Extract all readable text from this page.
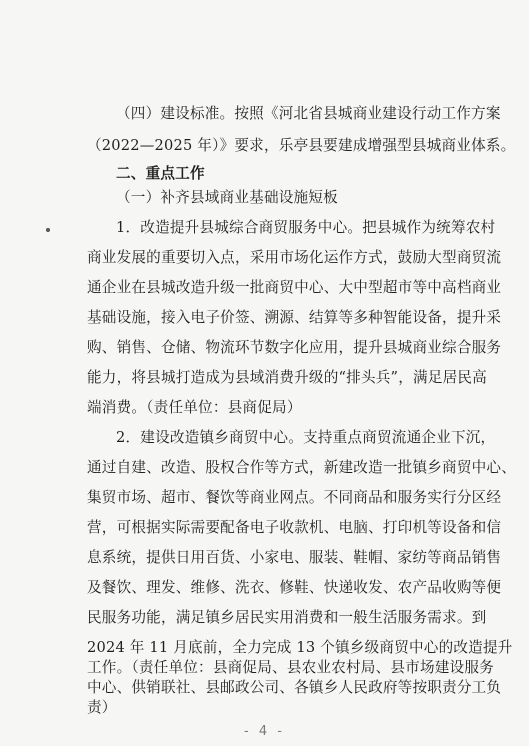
（四）建设标准。按照《河北省县城商业建设行动工作方案
（2022—2025 年）》要求，乐亭县要建成增强型县城商业体系。
二、重点工作
（一）补齐县域商业基础设施短板
1．改造提升县城综合商贸服务中心。把县城作为统筹农村
商业发展的重要切入点，采用市场化运作方式，鼓励大型商贸流
通企业在县城改造升级一批商贸中心、大中型超市等中高档商业
基础设施，接入电子价签、溯源、结算等多种智能设备，提升采
购、销售、仓储、物流环节数字化应用，提升县城商业综合服务
能力，将县城打造成为县域消费升级的“排头兵”，满足居民高
端消费。（责任单位：县商促局）
2．建设改造镇乡商贸中心。支持重点商贸流通企业下沉，
通过自建、改造、股权合作等方式，新建改造一批镇乡商贸中心、
集贸市场、超市、餐饮等商业网点。不同商品和服务实行分区经
营，可根据实际需要配备电子收款机、电脑、打印机等设备和信
息系统，提供日用百货、小家电、服装、鞋帽、家纺等商品销售
及餐饮、理发、维修、洗衣、修鞋、快递收发、农产品收购等便
民服务功能，满足镇乡居民实用消费和一般生活服务需求。到
2024 年 11 月底前，全力完成 13 个镇乡级商贸中心的改造提升
工作。（责任单位：县商促局、县农业农村局、县市场建设服务
中心、供销联社、县邮政公司、各镇乡人民政府等按职责分工负
责）
- 4 -
